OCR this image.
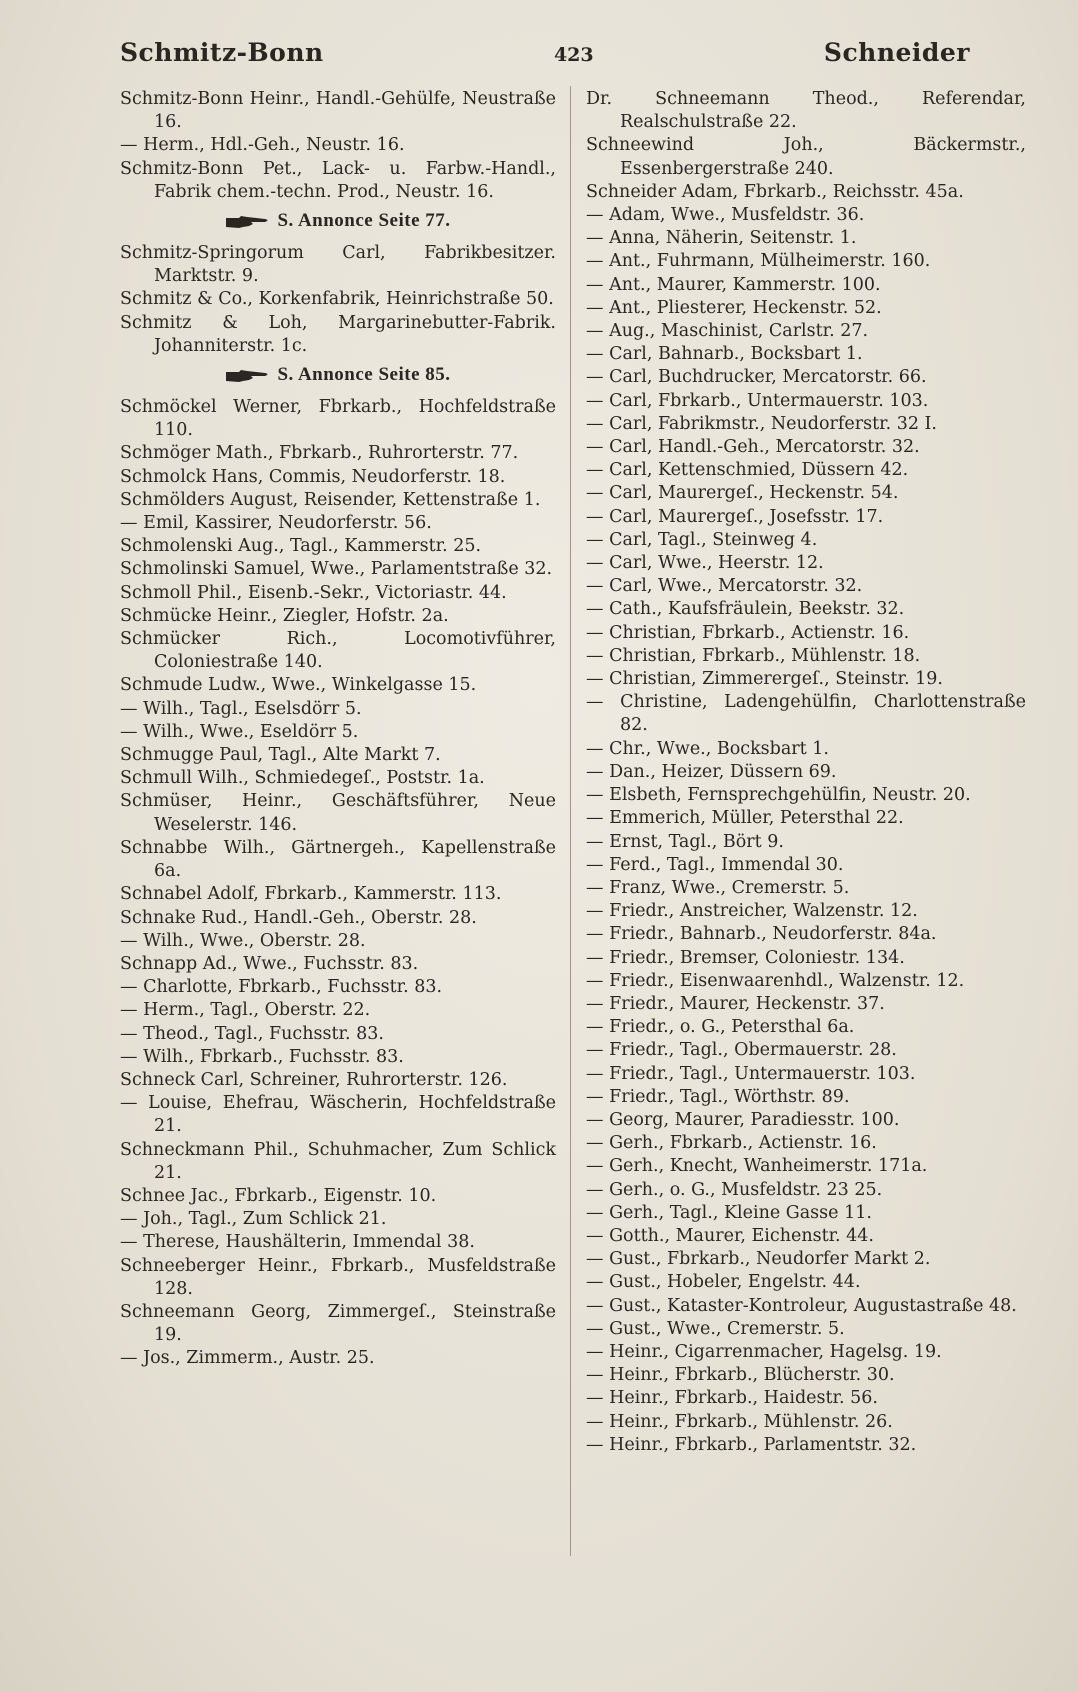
Schmitz-Bonn	423	Schneider

Schmitz-Bonn Heinr., Handl.-Gehülfe, Neustraße 16.

— Herm., Hdl.-Geh., Neustr. 16.

Schmitz-Bonn Pet., Lack- u. Farbw.-Handl., Fabrik chem.-techn. Prod., Neustr. 16.

S. Annonce Seite 77.

Schmitz-Springorum Carl, Fabrikbesitzer. Marktstr. 9.

Schmitz & Co., Korkenfabrik, Heinrichstraße 50.

Schmitz & Loh, Margarinebutter-Fabrik. Johanniterstr. 1c.

S. Annonce Seite 85.

Schmöckel Werner, Fbrkarb., Hochfeldstraße 110.

Schmöger Math., Fbrkarb., Ruhrorterstr. 77.

Schmolck Hans, Commis, Neudorferstr. 18.

Schmölders August, Reisender, Kettenstraße 1.

— Emil, Kassirer, Neudorferstr. 56.

Schmolenski Aug., Tagl., Kammerstr. 25.

Schmolinski Samuel, Wwe., Parlamentstraße 32.

Schmoll Phil., Eisenb.-Sekr., Victoriastr. 44.

Schmücke Heinr., Ziegler, Hofstr. 2a.

Schmücker Rich., Locomotivführer, Coloniestraße 140.

Schmude Ludw., Wwe., Winkelgasse 15.

— Wilh., Tagl., Eselsdörr 5.

— Wilh., Wwe., Eseldörr 5.

Schmugge Paul, Tagl., Alte Markt 7.

Schmull Wilh., Schmiedegeſ., Poststr. 1a.

Schmüser, Heinr., Geschäftsführer, Neue Weselerstr. 146.

Schnabbe Wilh., Gärtnergeh., Kapellenstraße 6a.

Schnabel Adolf, Fbrkarb., Kammerstr. 113.

Schnake Rud., Handl.-Geh., Oberstr. 28.

— Wilh., Wwe., Oberstr. 28.

Schnapp Ad., Wwe., Fuchsstr. 83.

— Charlotte, Fbrkarb., Fuchsstr. 83.

— Herm., Tagl., Oberstr. 22.

— Theod., Tagl., Fuchsstr. 83.

— Wilh., Fbrkarb., Fuchsstr. 83.

Schneck Carl, Schreiner, Ruhrorterstr. 126.

— Louise, Ehefrau, Wäscherin, Hochfeldstraße 21.

Schneckmann Phil., Schuhmacher, Zum Schlick 21.

Schnee Jac., Fbrkarb., Eigenstr. 10.

— Joh., Tagl., Zum Schlick 21.

— Therese, Haushälterin, Immendal 38.

Schneeberger Heinr., Fbrkarb., Musfeldstraße 128.

Schneemann Georg, Zimmergeſ., Steinstraße 19.

— Jos., Zimmerm., Austr. 25.

Dr. Schneemann Theod., Referendar, Realschulstraße 22.

Schneewind Joh., Bäckermstr., Essenbergerstraße 240.

Schneider Adam, Fbrkarb., Reichsstr. 45a.

— Adam, Wwe., Musfeldstr. 36.

— Anna, Näherin, Seitenstr. 1.

— Ant., Fuhrmann, Mülheimerstr. 160.

— Ant., Maurer, Kammerstr. 100.

— Ant., Pliesterer, Heckenstr. 52.

— Aug., Maschinist, Carlstr. 27.

— Carl, Bahnarb., Bocksbart 1.

— Carl, Buchdrucker, Mercatorstr. 66.

— Carl, Fbrkarb., Untermauerstr. 103.

— Carl, Fabrikmstr., Neudorferstr. 32 I.

— Carl, Handl.-Geh., Mercatorstr. 32.

— Carl, Kettenschmied, Düssern 42.

— Carl, Maurergeſ., Heckenstr. 54.

— Carl, Maurergeſ., Josefsstr. 17.

— Carl, Tagl., Steinweg 4.

— Carl, Wwe., Heerstr. 12.

— Carl, Wwe., Mercatorstr. 32.

— Cath., Kaufsfräulein, Beekstr. 32.

— Christian, Fbrkarb., Actienstr. 16.

— Christian, Fbrkarb., Mühlenstr. 18.

— Christian, Zimmerergeſ., Steinstr. 19.

— Christine, Ladengehülfin, Charlottenstraße 82.

— Chr., Wwe., Bocksbart 1.

— Dan., Heizer, Düssern 69.

— Elsbeth, Fernsprechgehülfin, Neustr. 20.

— Emmerich, Müller, Petersthal 22.

— Ernst, Tagl., Bört 9.

— Ferd., Tagl., Immendal 30.

— Franz, Wwe., Cremerstr. 5.

— Friedr., Anstreicher, Walzenstr. 12.

— Friedr., Bahnarb., Neudorferstr. 84a.

— Friedr., Bremser, Coloniestr. 134.

— Friedr., Eisenwaarenhdl., Walzenstr. 12.

— Friedr., Maurer, Heckenstr. 37.

— Friedr., o. G., Petersthal 6a.

— Friedr., Tagl., Obermauerstr. 28.

— Friedr., Tagl., Untermauerstr. 103.

— Friedr., Tagl., Wörthstr. 89.

— Georg, Maurer, Paradiesstr. 100.

— Gerh., Fbrkarb., Actienstr. 16.

— Gerh., Knecht, Wanheimerstr. 171a.

— Gerh., o. G., Musfeldstr. 23 25.

— Gerh., Tagl., Kleine Gasse 11.

— Gotth., Maurer, Eichenstr. 44.

— Gust., Fbrkarb., Neudorfer Markt 2.

— Gust., Hobeler, Engelstr. 44.

— Gust., Kataster-Kontroleur, Augustastraße 48.

— Gust., Wwe., Cremerstr. 5.

— Heinr., Cigarrenmacher, Hagelsg. 19.

— Heinr., Fbrkarb., Blücherstr. 30.

— Heinr., Fbrkarb., Haidestr. 56.

— Heinr., Fbrkarb., Mühlenstr. 26.

— Heinr., Fbrkarb., Parlamentstr. 32.
